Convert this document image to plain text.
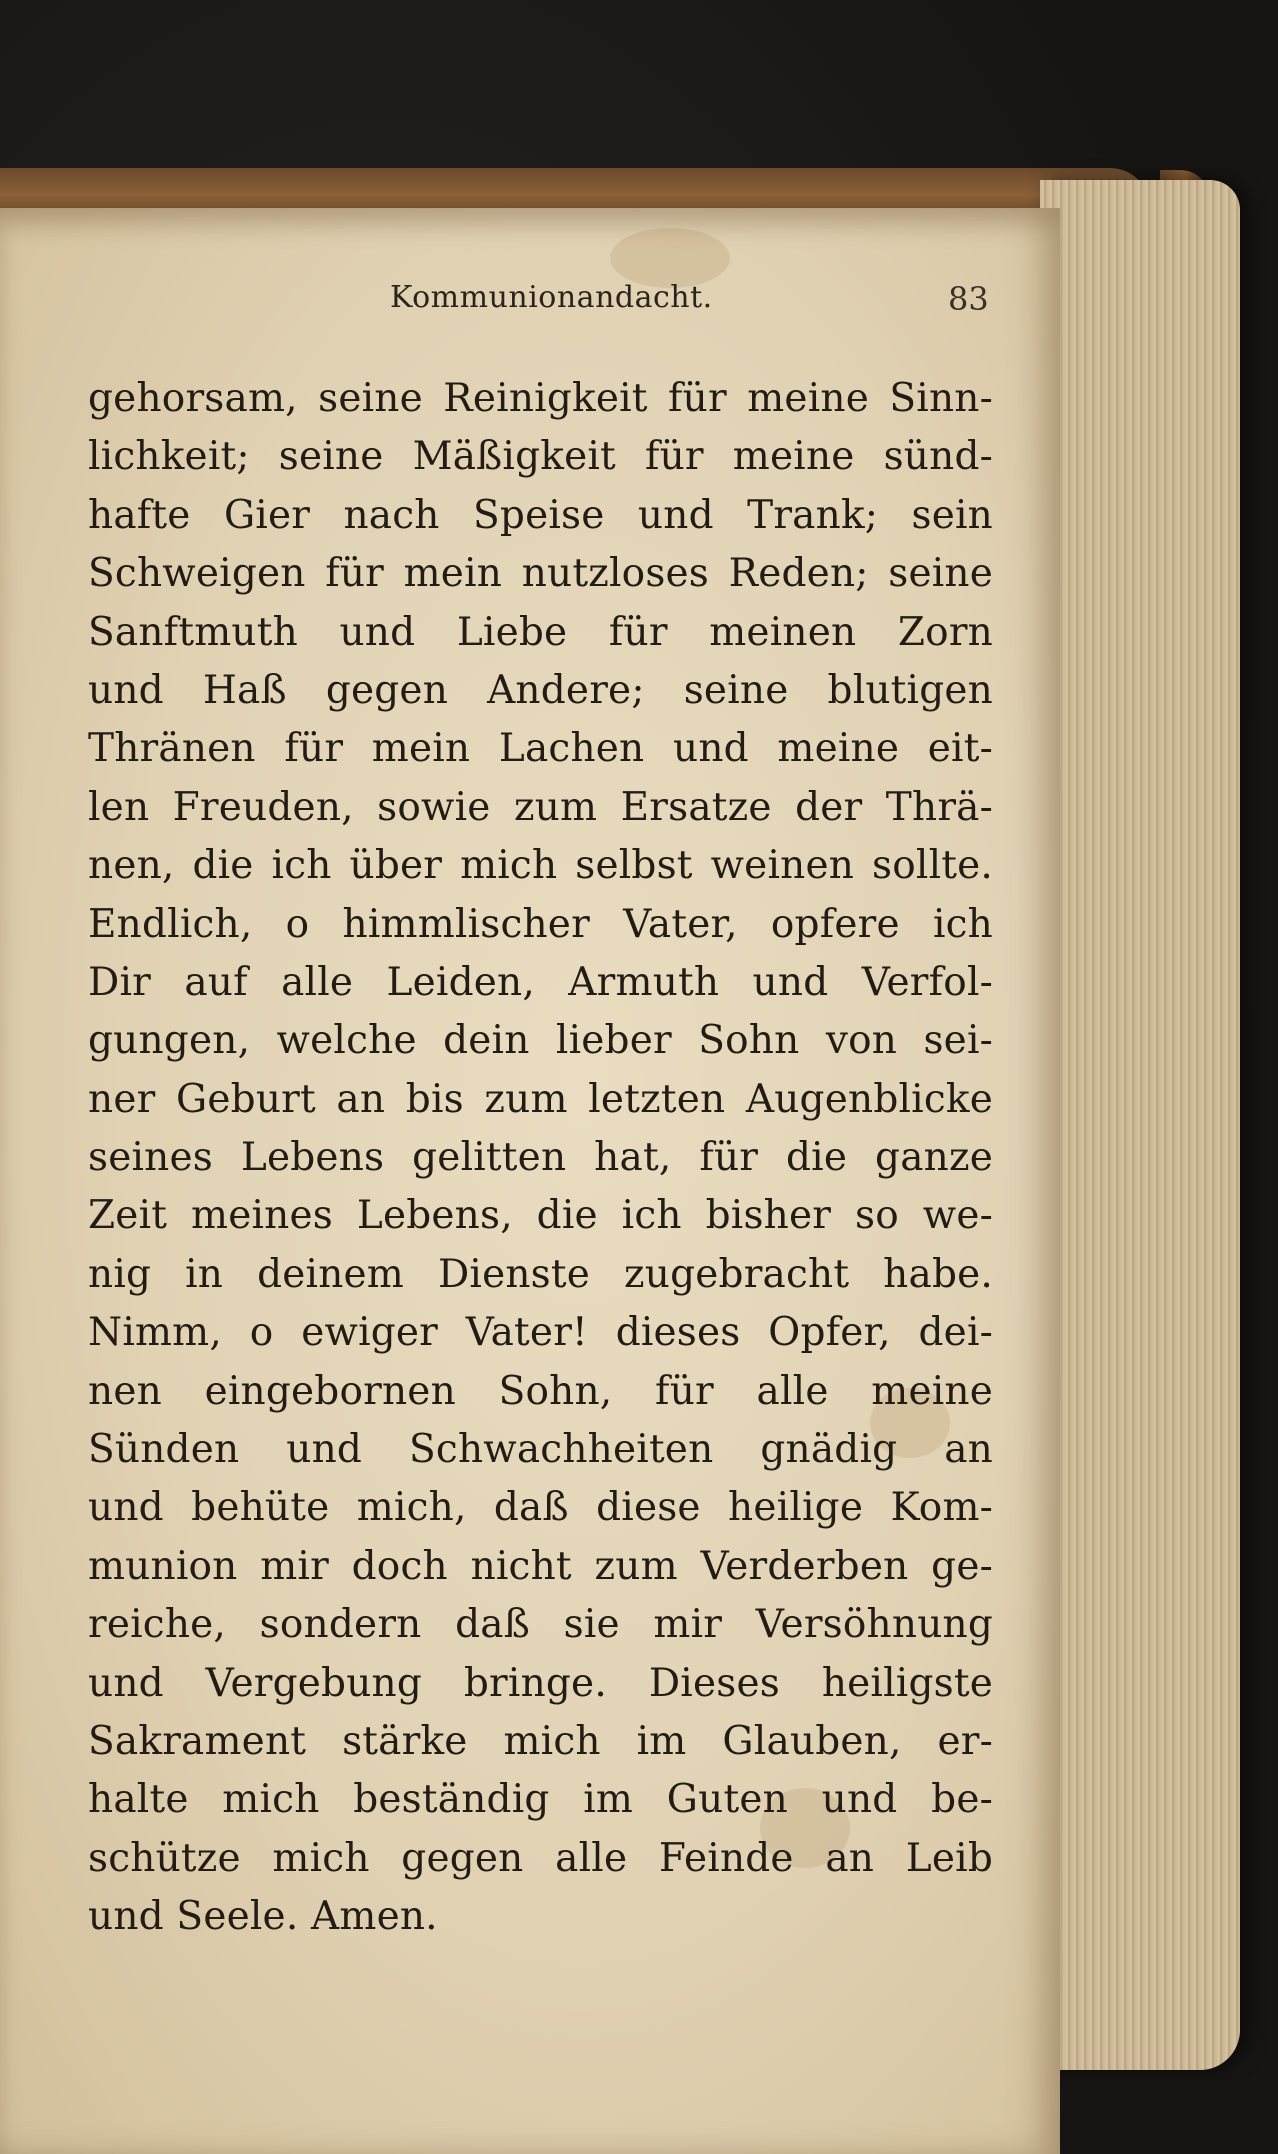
Kommunionandacht.	83
gehorsam, seine Reinigkeit für meine Sinn-
lichkeit; seine Mäßigkeit für meine sünd-
hafte Gier nach Speise und Trank; sein
Schweigen für mein nutzloses Reden; seine
Sanftmuth und Liebe für meinen Zorn
und Haß gegen Andere; seine blutigen
Thränen für mein Lachen und meine eit-
len Freuden, sowie zum Ersatze der Thrä-
nen, die ich über mich selbst weinen sollte.
Endlich, o himmlischer Vater, opfere ich
Dir auf alle Leiden, Armuth und Verfol-
gungen, welche dein lieber Sohn von sei-
ner Geburt an bis zum letzten Augenblicke
seines Lebens gelitten hat, für die ganze
Zeit meines Lebens, die ich bisher so we-
nig in deinem Dienste zugebracht habe.
Nimm, o ewiger Vater! dieses Opfer, dei-
nen eingebornen Sohn, für alle meine
Sünden und Schwachheiten gnädig an
und behüte mich, daß diese heilige Kom-
munion mir doch nicht zum Verderben ge-
reiche, sondern daß sie mir Versöhnung
und Vergebung bringe. Dieses heiligste
Sakrament stärke mich im Glauben, er-
halte mich beständig im Guten und be-
schütze mich gegen alle Feinde an Leib
und Seele. Amen.
